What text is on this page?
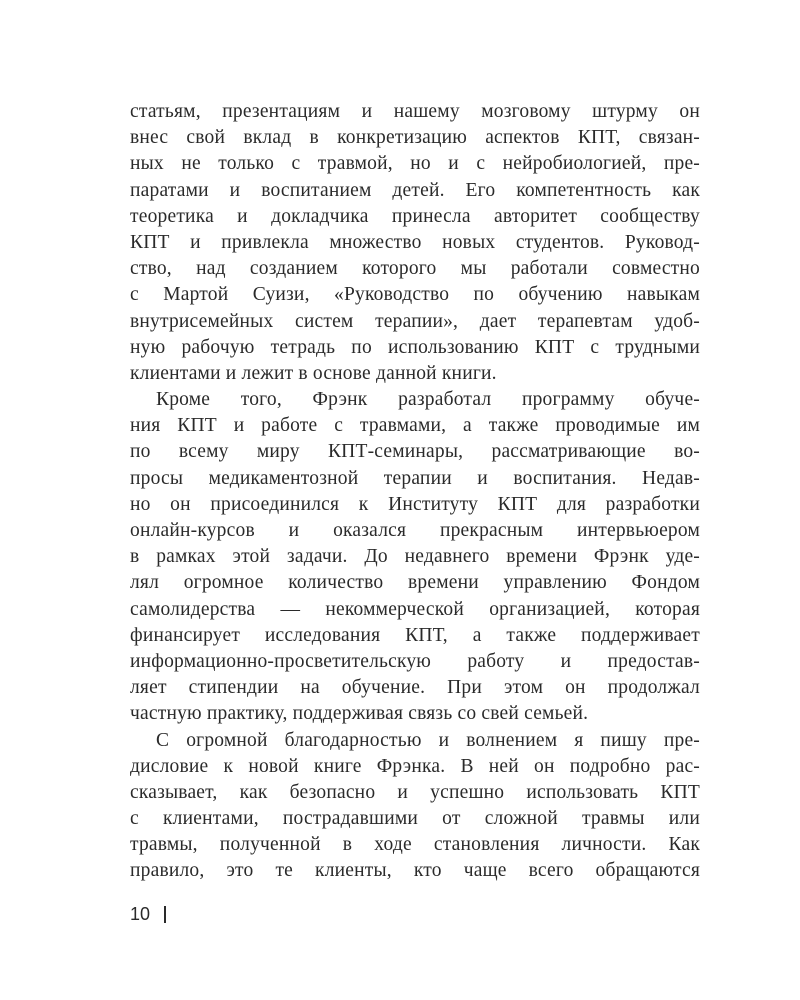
статьям, презентациям и нашему мозговому штурму он
внес свой вклад в конкретизацию аспектов КПТ, связан-
ных не только с травмой, но и с нейробиологией, пре-
паратами и воспитанием детей. Его компетентность как
теоретика и докладчика принесла авторитет сообществу
КПТ и привлекла множество новых студентов. Руковод-
ство, над созданием которого мы работали совместно
с Мартой Суизи, «Руководство по обучению навыкам
внутрисемейных систем терапии», дает терапевтам удоб-
ную рабочую тетрадь по использованию КПТ с трудными
клиентами и лежит в основе данной книги.
Кроме того, Фрэнк разработал программу обуче-
ния КПТ и работе с травмами, а также проводимые им
по всему миру КПТ-семинары, рассматривающие во-
просы медикаментозной терапии и воспитания. Недав-
но он присоединился к Институту КПТ для разработки
онлайн-курсов и оказался прекрасным интервьюером
в рамках этой задачи. До недавнего времени Фрэнк уде-
лял огромное количество времени управлению Фондом
самолидерства — некоммерческой организацией, которая
финансирует исследования КПТ, а также поддерживает
информационно-просветительскую работу и предостав-
ляет стипендии на обучение. При этом он продолжал
частную практику, поддерживая связь со свей семьей.
С огромной благодарностью и волнением я пишу пре-
дисловие к новой книге Фрэнка. В ней он подробно рас-
сказывает, как безопасно и успешно использовать КПТ
с клиентами, пострадавшими от сложной травмы или
травмы, полученной в ходе становления личности. Как
правило, это те клиенты, кто чаще всего обращаются
10
